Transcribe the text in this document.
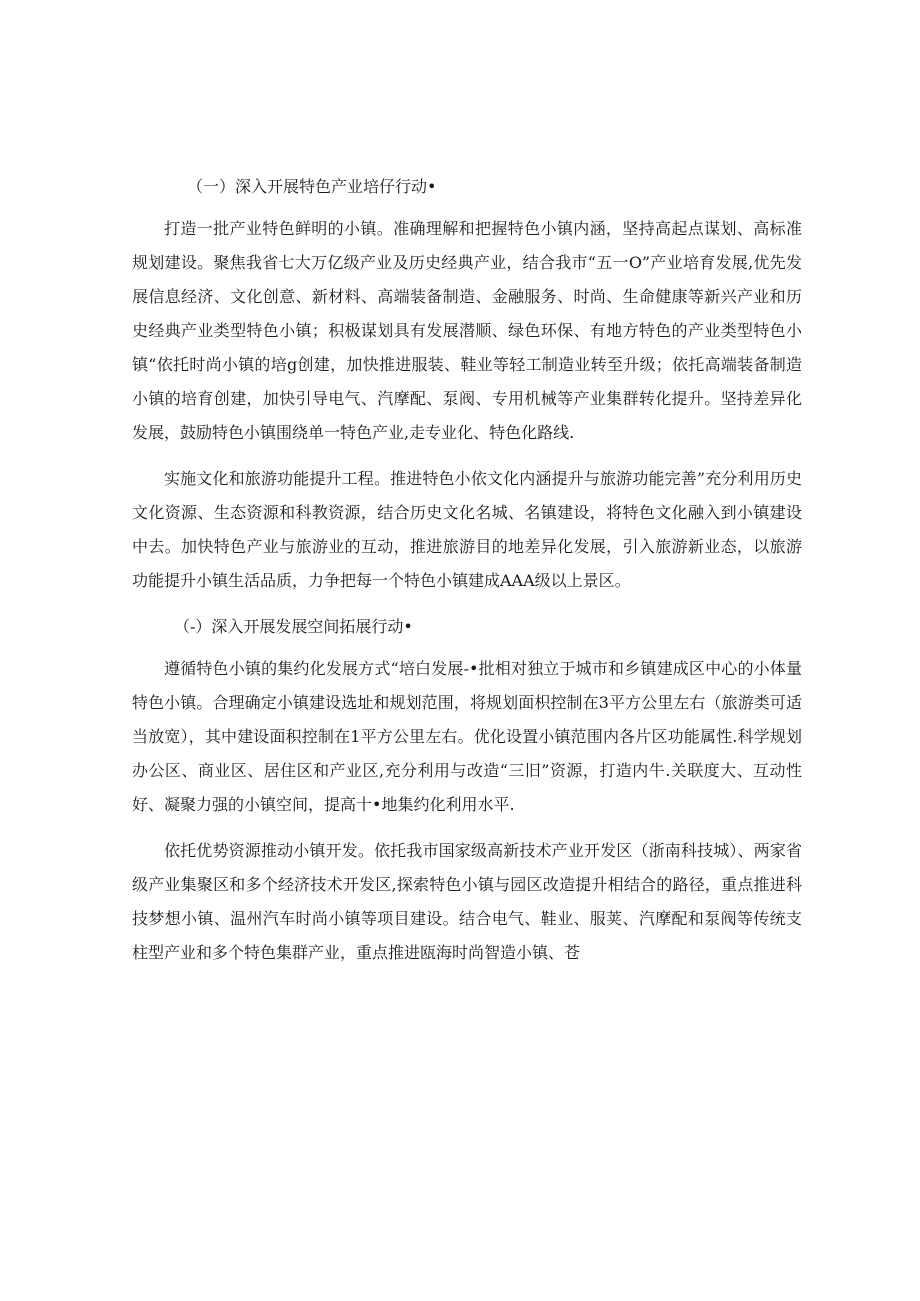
（一）深入开展特色产业培仔行动•

打造一批产业特色鲜明的小镇。准确理解和把握特色小镇内涵，坚持高起点谋划、高标准规划建设。聚焦我省七大万亿级产业及历史经典产业，结合我市“五一O”产业培育发展,优先发展信息经济、文化创意、新材料、高端装备制造、金融服务、时尚、生命健康等新兴产业和历史经典产业类型特色小镇；积极谋划具有发展潜顺、绿色环保、有地方特色的产业类型特色小镇“依托时尚小镇的培g创建，加快推进服装、鞋业等轻工制造业转至升级；依托高端装备制造小镇的培育创建，加快引导电气、汽摩配、泵阀、专用机械等产业集群转化提升。坚持差异化发展，鼓励特色小镇围绕单一特色产业,走专业化、特色化路线.

实施文化和旅游功能提升工程。推进特色小依文化内涵提升与旅游功能完善”充分利用历史文化资源、生态资源和科教资源，结合历史文化名城、名镇建设，将特色文化融入到小镇建设中去。加快特色产业与旅游业的互动，推进旅游目的地差异化发展，引入旅游新业态，以旅游功能提升小镇生活品质，力争把每一个特色小镇建成AAA级以上景区。

（-）深入开展发展空间拓展行动•

遵循特色小镇的集约化发展方式“培白发展-•批相对独立于城市和乡镇建成区中心的小体量特色小镇。合理确定小镇建设选址和规划范围，将规划面枳控制在3平方公里左右（旅游类可适当放宽），其中建设面积控制在1平方公里左右。优化设置小镇范围内各片区功能属性.科学规划办公区、商业区、居住区和产业区,充分利用与改造“三旧”资源，打造内牛.关联度大、互动性好、凝聚力强的小镇空间，提高十•地集约化利用水平.

依托优势资源推动小镇开发。依托我市国家级高新技术产业开发区（浙南科技城）、两家省级产业集聚区和多个经济技术开发区,探索特色小镇与园区改造提升相结合的路径，重点推进科技梦想小镇、温州汽车时尚小镇等项目建设。结合电气、鞋业、服荚、汽摩配和泵阀等传统支柱型产业和多个特色集群产业，重点推进瓯海时尚智造小镇、苍
